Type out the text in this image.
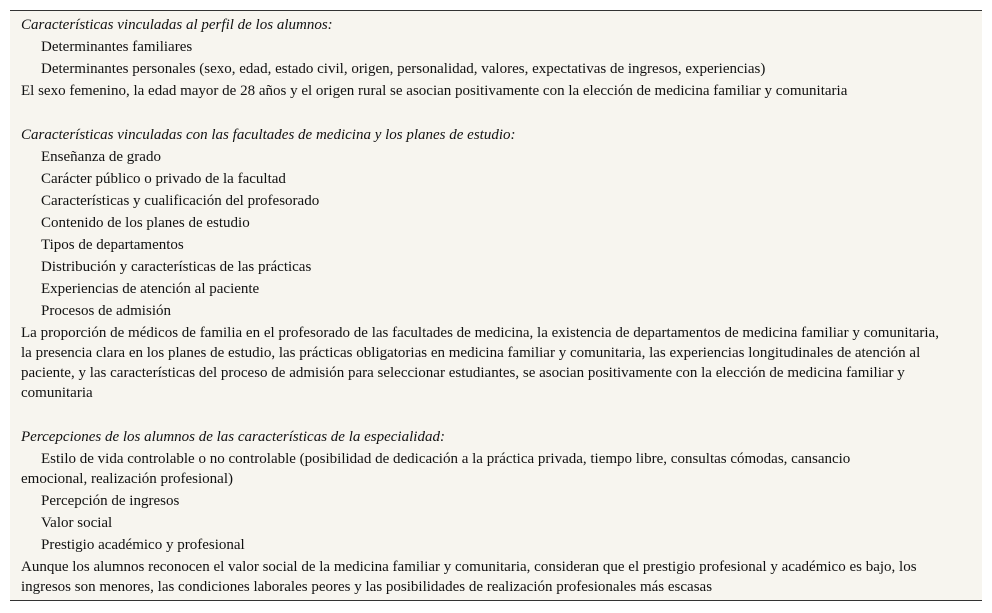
Características vinculadas al perfil de los alumnos:

Determinantes familiares

Determinantes personales (sexo, edad, estado civil, origen, personalidad, valores, expectativas de ingresos, experiencias)

El sexo femenino, la edad mayor de 28 años y el origen rural se asocian positivamente con la elección de medicina familiar y comunitaria

Características vinculadas con las facultades de medicina y los planes de estudio:

Enseñanza de grado

Carácter público o privado de la facultad

Características y cualificación del profesorado

Contenido de los planes de estudio

Tipos de departamentos

Distribución y características de las prácticas

Experiencias de atención al paciente

Procesos de admisión

La proporción de médicos de familia en el profesorado de las facultades de medicina, la existencia de departamentos de medicina familiar y comunitaria, la presencia clara en los planes de estudio, las prácticas obligatorias en medicina familiar y comunitaria, las experiencias longitudinales de atención al paciente, y las características del proceso de admisión para seleccionar estudiantes, se asocian positivamente con la elección de medicina familiar y comunitaria

Percepciones de los alumnos de las características de la especialidad:

Estilo de vida controlable o no controlable (posibilidad de dedicación a la práctica privada, tiempo libre, consultas cómodas, cansancio emocional, realización profesional)

Percepción de ingresos

Valor social

Prestigio académico y profesional

Aunque los alumnos reconocen el valor social de la medicina familiar y comunitaria, consideran que el prestigio profesional y académico es bajo, los ingresos son menores, las condiciones laborales peores y las posibilidades de realización profesionales más escasas
